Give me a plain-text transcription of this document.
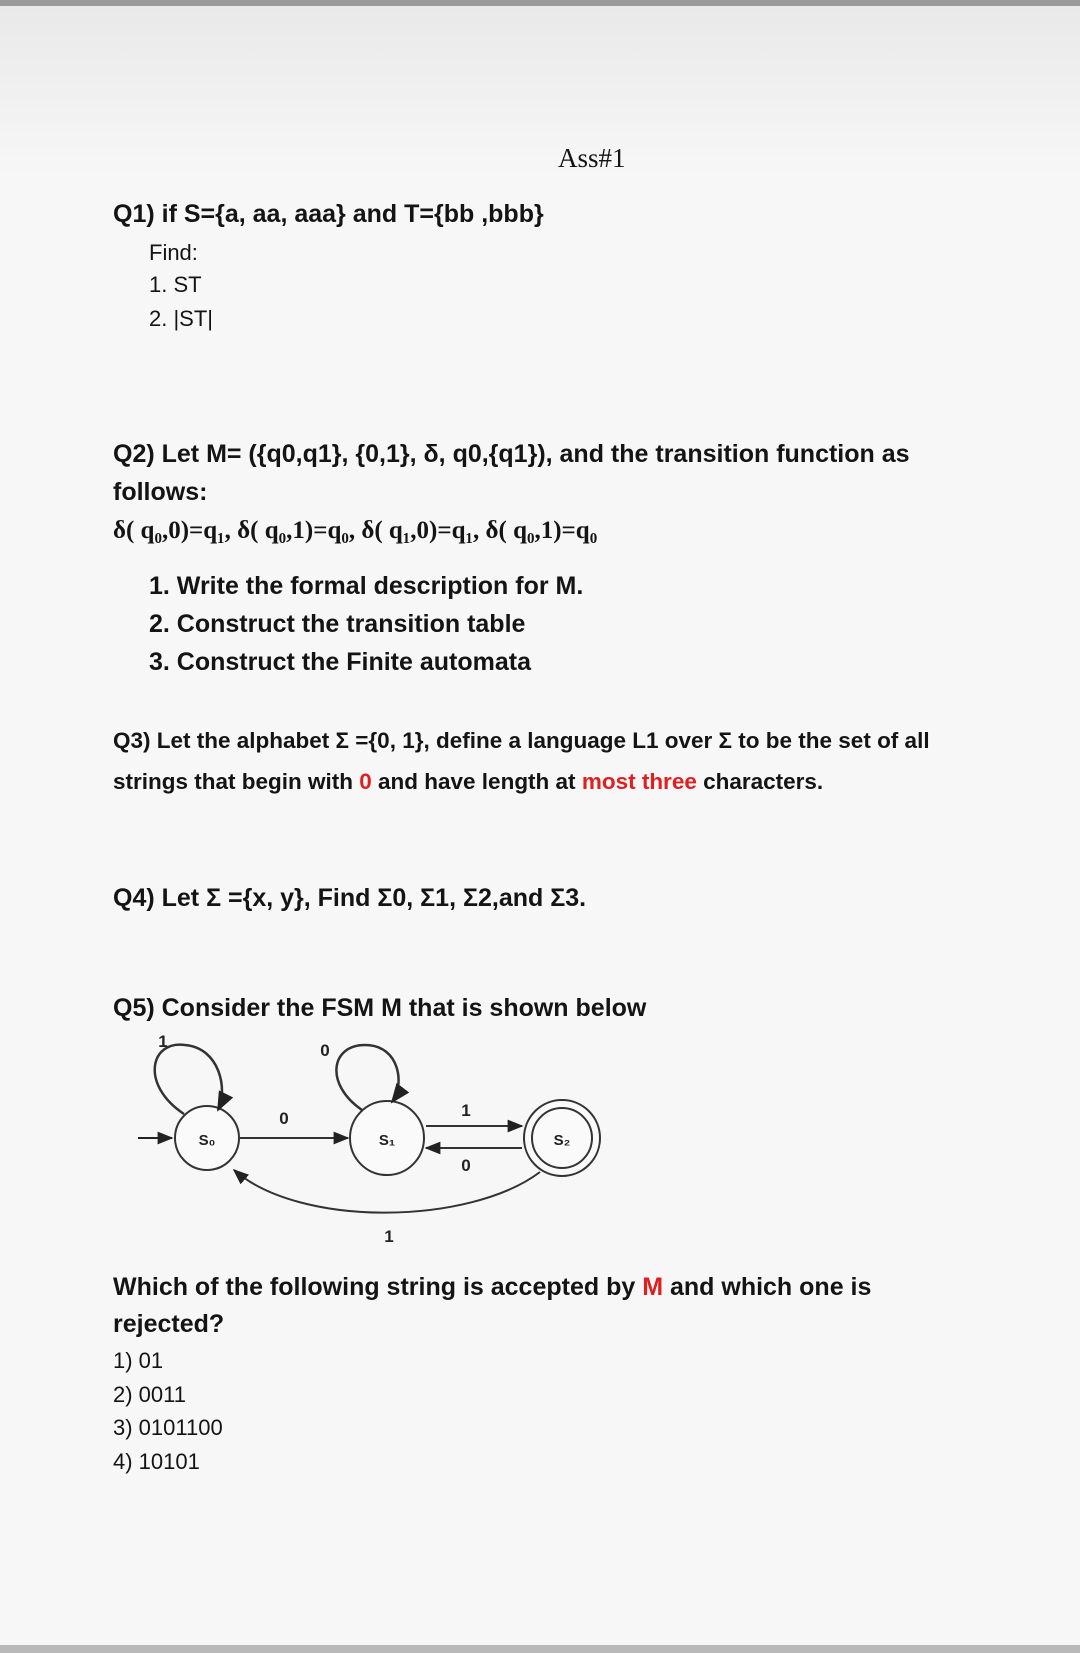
Ass#1
Q1) if S={a, aa, aaa} and T={bb ,bbb}
Find:
1. ST
2. |ST|
Q2) Let M= ({q0,q1}, {0,1}, δ, q0,{q1}), and the transition function as
follows:
δ( q₀,0)=q₁, δ( q₀,1)=q₀, δ( q₁,0)=q₁, δ( q₀,1)=q₀
1. Write the formal description for M.
2. Construct the transition table
3. Construct the Finite automata
Q3) Let the alphabet Σ ={0, 1}, define a language L1 over Σ to be the set of all
strings that begin with 0 and have length at most three characters.
Q4) Let Σ ={x, y}, Find Σ0, Σ1, Σ2,and Σ3.
Q5) Consider the FSM M that is shown below
S₀	S₁	S₂
1	0
0	1
0
1
Which of the following string is accepted by M and which one is
rejected?
1) 01
2) 0011
3) 0101100
4) 10101
